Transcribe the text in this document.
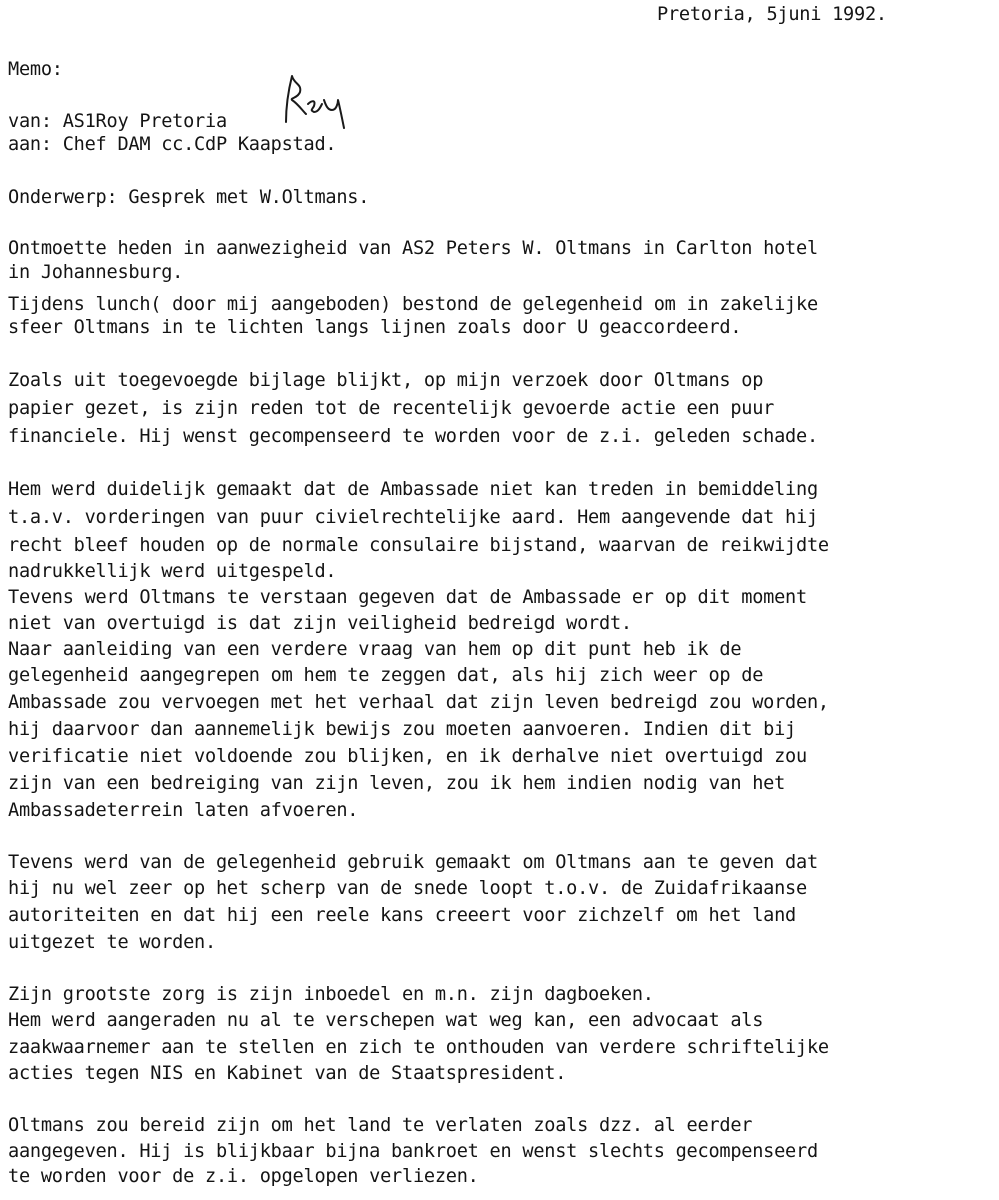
Pretoria, 5juni 1992.
Memo:
van: AS1Roy Pretoria
aan: Chef DAM cc.CdP Kaapstad.
Onderwerp: Gesprek met W.Oltmans.
Ontmoette heden in aanwezigheid van AS2 Peters W. Oltmans in Carlton hotel
in Johannesburg.
Tijdens lunch( door mij aangeboden) bestond de gelegenheid om in zakelijke
sfeer Oltmans in te lichten langs lijnen zoals door U geaccordeerd.
Zoals uit toegevoegde bijlage blijkt, op mijn verzoek door Oltmans op
papier gezet, is zijn reden tot de recentelijk gevoerde actie een puur
financiele. Hij wenst gecompenseerd te worden voor de z.i. geleden schade.
Hem werd duidelijk gemaakt dat de Ambassade niet kan treden in bemiddeling
t.a.v. vorderingen van puur civielrechtelijke aard. Hem aangevende dat hij
recht bleef houden op de normale consulaire bijstand, waarvan de reikwijdte
nadrukkellijk werd uitgespeld.
Tevens werd Oltmans te verstaan gegeven dat de Ambassade er op dit moment
niet van overtuigd is dat zijn veiligheid bedreigd wordt.
Naar aanleiding van een verdere vraag van hem op dit punt heb ik de
gelegenheid aangegrepen om hem te zeggen dat, als hij zich weer op de
Ambassade zou vervoegen met het verhaal dat zijn leven bedreigd zou worden,
hij daarvoor dan aannemelijk bewijs zou moeten aanvoeren. Indien dit bij
verificatie niet voldoende zou blijken, en ik derhalve niet overtuigd zou
zijn van een bedreiging van zijn leven, zou ik hem indien nodig van het
Ambassadeterrein laten afvoeren.
Tevens werd van de gelegenheid gebruik gemaakt om Oltmans aan te geven dat
hij nu wel zeer op het scherp van de snede loopt t.o.v. de Zuidafrikaanse
autoriteiten en dat hij een reele kans creeert voor zichzelf om het land
uitgezet te worden.
Zijn grootste zorg is zijn inboedel en m.n. zijn dagboeken.
Hem werd aangeraden nu al te verschepen wat weg kan, een advocaat als
zaakwaarnemer aan te stellen en zich te onthouden van verdere schriftelijke
acties tegen NIS en Kabinet van de Staatspresident.
Oltmans zou bereid zijn om het land te verlaten zoals dzz. al eerder
aangegeven. Hij is blijkbaar bijna bankroet en wenst slechts gecompenseerd
te worden voor de z.i. opgelopen verliezen.
